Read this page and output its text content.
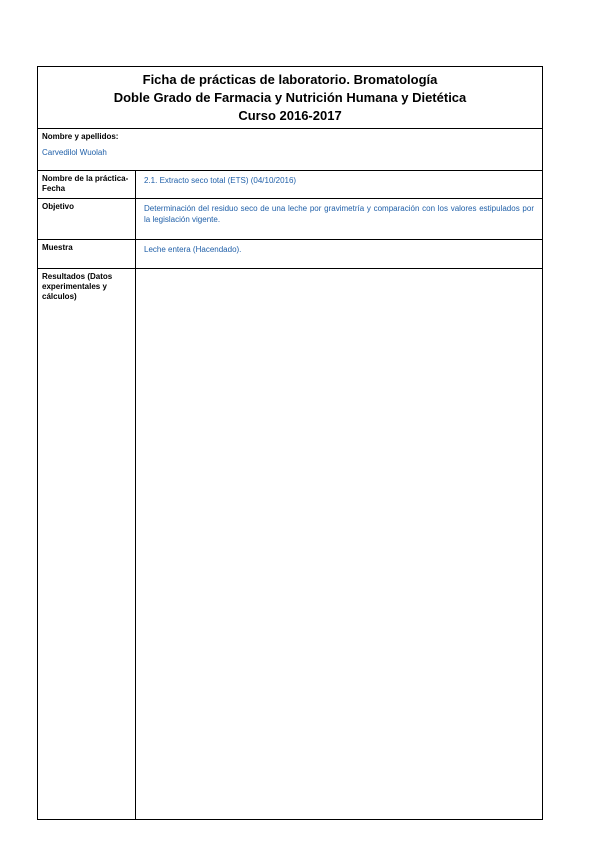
Ficha de prácticas de laboratorio. Bromatología
Doble Grado de Farmacia y Nutrición Humana y Dietética
Curso 2016-2017
Nombre y apellidos:
Carvedilol Wuolah
Nombre de la práctica- Fecha
2.1. Extracto seco total (ETS) (04/10/2016)
Objetivo	Determinación del residuo seco de una leche por gravimetría y comparación con los valores estipulados por la legislación vigente.
Muestra	Leche entera (Hacendado).
Resultados (Datos experimentales y cálculos)
